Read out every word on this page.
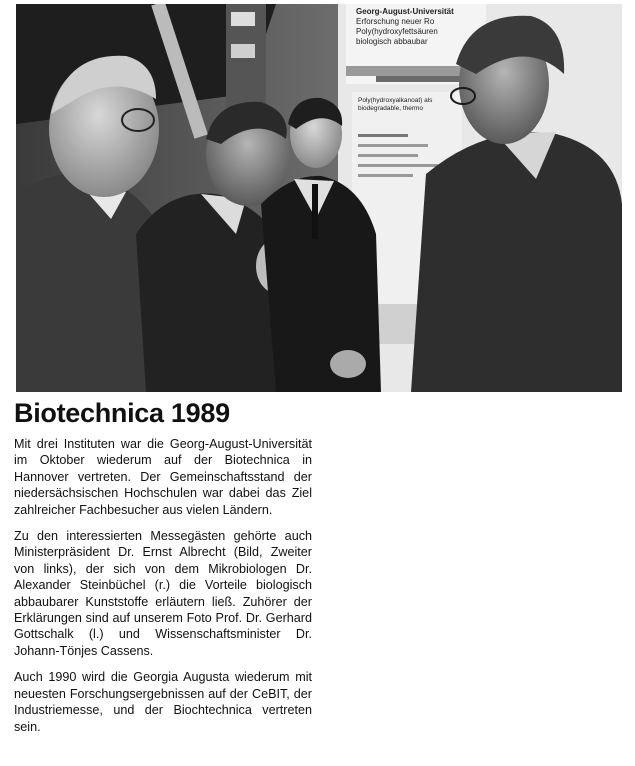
Georg-August-Universität
Erforschung neuer Ro
Poly(hydroxyfettsäuren
biologisch abbaubar
Poly(hydroxyalkanoat) als
biodegradable, thermo
Biotechnica 1989

Mit drei Instituten war die Georg-August-Universität im Oktober wiederum auf der Biotechnica in Hannover vertreten. Der Gemeinschaftsstand der niedersächsischen Hochschulen war dabei das Ziel zahlreicher Fachbesucher aus vielen Ländern.

Zu den interessierten Messegästen gehörte auch Ministerpräsident Dr. Ernst Albrecht (Bild, Zweiter von links), der sich von dem Mikrobiologen Dr. Alexander Steinbüchel (r.) die Vorteile biologisch abbaubarer Kunststoffe erläutern ließ. Zuhörer der Erklärungen sind auf unserem Foto Prof. Dr. Gerhard Gottschalk (l.) und Wissenschaftsminister Dr. Johann-Tönjes Cassens.

Auch 1990 wird die Georgia Augusta wiederum mit neuesten Forschungsergebnissen auf der CeBIT, der Industriemesse, und der Biochtechnica vertreten sein.
